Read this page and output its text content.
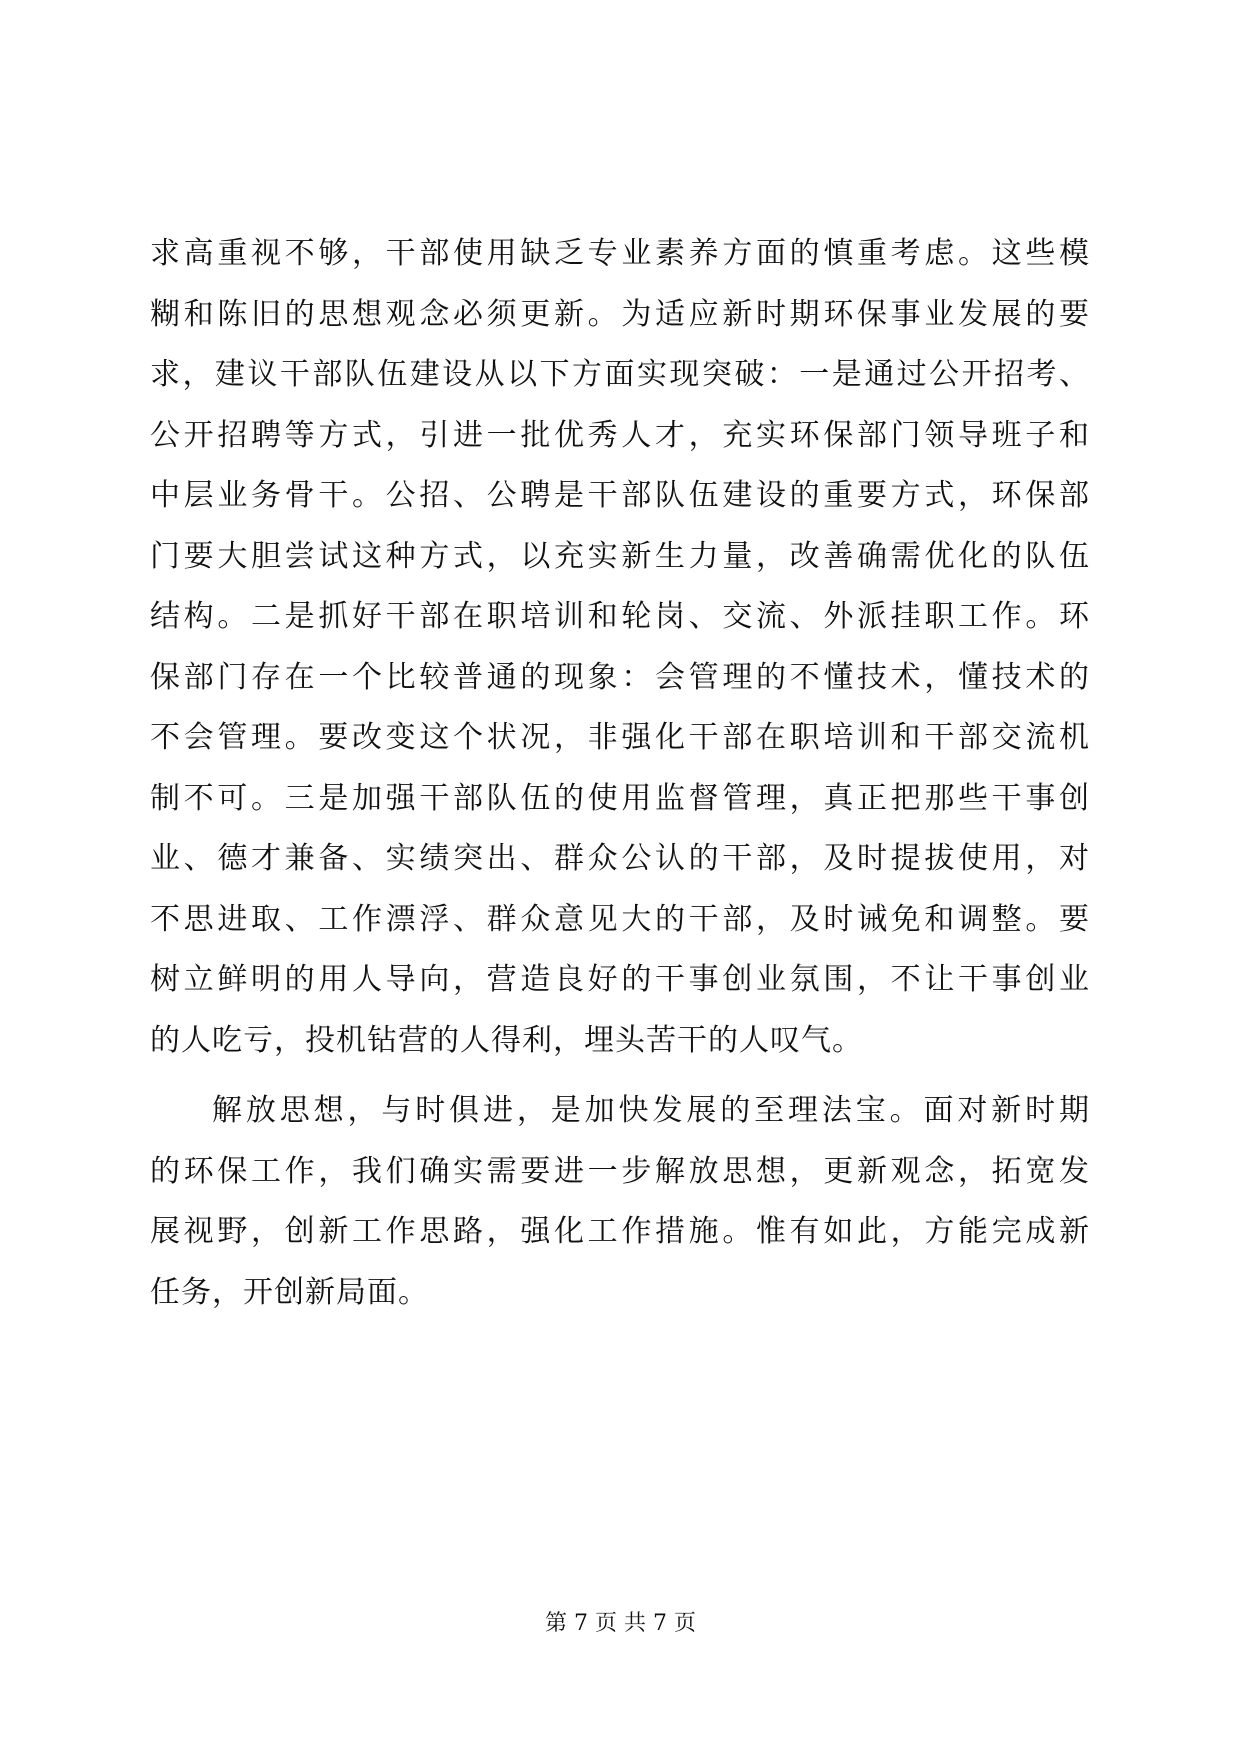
求高重视不够，干部使用缺乏专业素养方面的慎重考虑。这些模
糊和陈旧的思想观念必须更新。为适应新时期环保事业发展的要
求，建议干部队伍建设从以下方面实现突破：一是通过公开招考、
公开招聘等方式，引进一批优秀人才，充实环保部门领导班子和
中层业务骨干。公招、公聘是干部队伍建设的重要方式，环保部
门要大胆尝试这种方式，以充实新生力量，改善确需优化的队伍
结构。二是抓好干部在职培训和轮岗、交流、外派挂职工作。环
保部门存在一个比较普通的现象：会管理的不懂技术，懂技术的
不会管理。要改变这个状况，非强化干部在职培训和干部交流机
制不可。三是加强干部队伍的使用监督管理，真正把那些干事创
业、德才兼备、实绩突出、群众公认的干部，及时提拔使用，对
不思进取、工作漂浮、群众意见大的干部，及时诫免和调整。要
树立鲜明的用人导向，营造良好的干事创业氛围，不让干事创业
的人吃亏，投机钻营的人得利，埋头苦干的人叹气。

解放思想，与时俱进，是加快发展的至理法宝。面对新时期
的环保工作，我们确实需要进一步解放思想，更新观念，拓宽发
展视野，创新工作思路，强化工作措施。惟有如此，方能完成新
任务，开创新局面。

第 7 页 共 7 页
